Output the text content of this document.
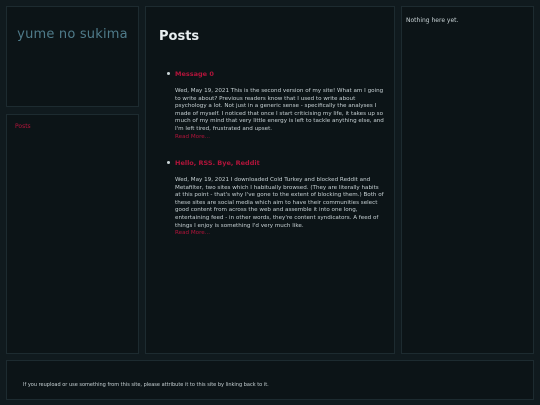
yume no sukima
Posts
Posts
Message 0
Wed, May 19, 2021 This is the second version of my site! What am I going to write about? Previous readers know that I used to write about psychology a lot. Not just in a generic sense - specifically the analyses I made of myself. I noticed that once I start criticising my life, it takes up so much of my mind that very little energy is left to tackle anything else, and I'm left tired, frustrated and upset.
Read More...
Hello, RSS. Bye, Reddit
Wed, May 19, 2021 I downloaded Cold Turkey and blocked Reddit and Metafilter, two sites which I habitually browsed. (They are literally habits at this point - that's why I've gone to the extent of blocking them.) Both of these sites are social media which aim to have their communities select good content from across the web and assemble it into one long, entertaining feed - in other words, they're content syndicators. A feed of things I enjoy is something I'd very much like.
Read More...
Nothing here yet.
If you reupload or use something from this site, please attribute it to this site by linking back to it.
